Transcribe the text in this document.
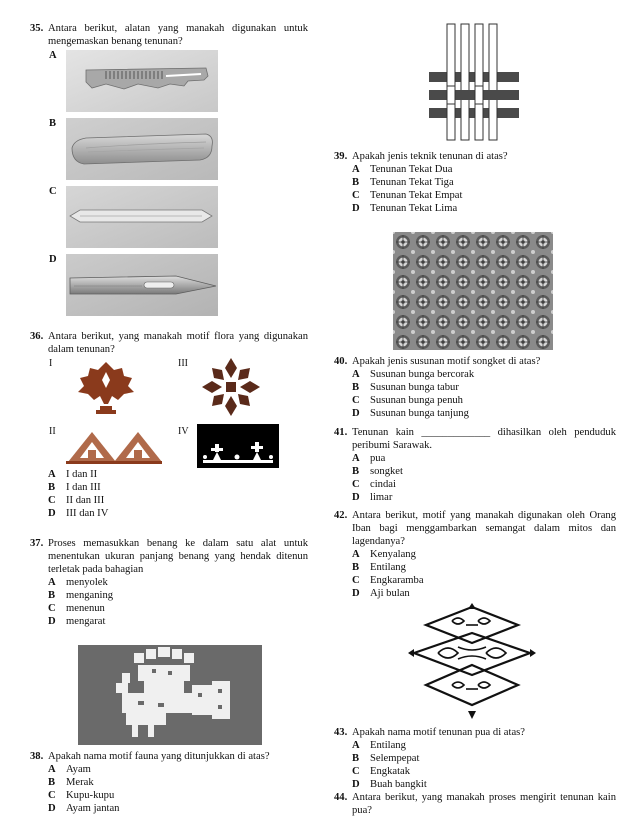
35. Antara berikut, alatan yang manakah digunakan untuk mengemaskan benang tenunan?
A
B
C
D
36. Antara berikut, yang manakah motif flora yang digunakan dalam tenunan?
I
II
III
IV
A I dan II
B I dan III
C II dan III
D III dan IV
37. Proses memasukkan benang ke dalam satu alat untuk menentukan ukuran panjang benang yang hendak ditenun terletak pada bahagian
A menyolek
B menganing
C menenun
D mengarat
38. Apakah nama motif fauna yang ditunjukkan di atas?
A Ayam
B Merak
C Kupu-kupu
D Ayam jantan
39. Apakah jenis teknik tenunan di atas?
A Tenunan Tekat Dua
B Tenunan Tekat Tiga
C Tenunan Tekat Empat
D Tenunan Tekat Lima
40. Apakah jenis susunan motif songket di atas?
A Susunan bunga bercorak
B Susunan bunga tabur
C Susunan bunga penuh
D Susunan bunga tanjung
41. Tenunan kain _____________ dihasilkan oleh penduduk peribumi Sarawak.
A pua
B songket
C cindai
D limar
42. Antara berikut, motif yang manakah digunakan oleh Orang Iban bagi menggambarkan semangat dalam mitos dan lagendanya?
A Kenyalang
B Entilang
C Engkaramba
D Aji bulan
43. Apakah nama motif tenunan pua di atas?
A Entilang
B Selempepat
C Engkatak
D Buah bangkit
44. Antara berikut, yang manakah proses mengirit tenunan kain pua?
